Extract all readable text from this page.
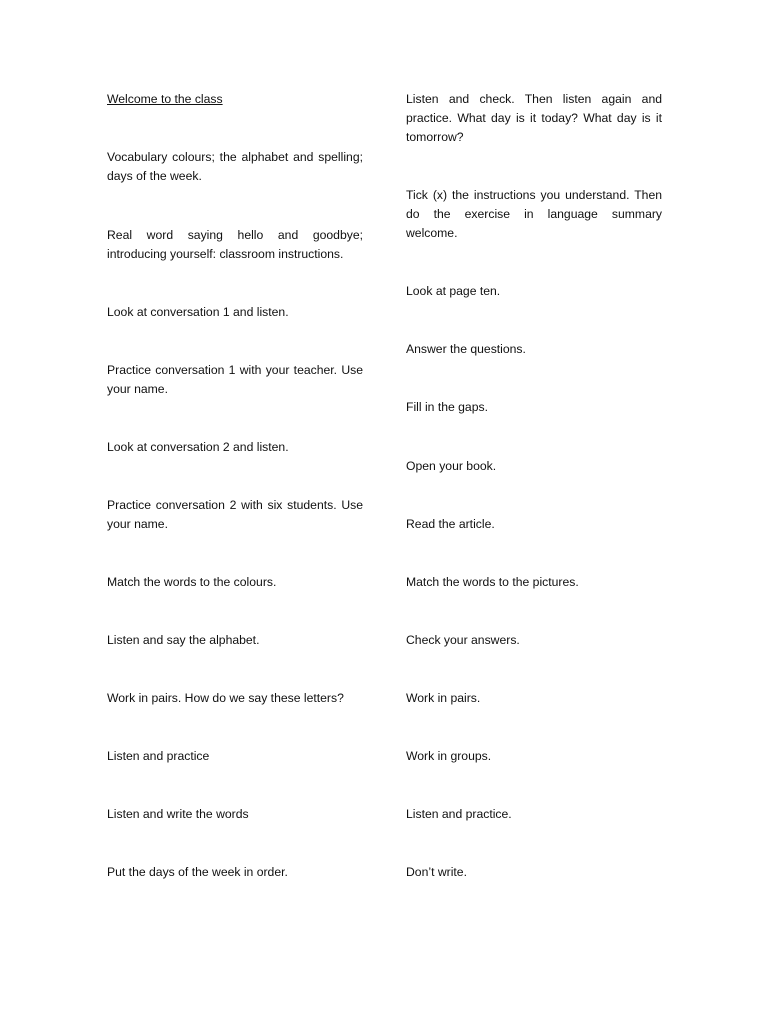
Welcome to the class

Vocabulary colours; the alphabet and spelling; days of the week.

Real word saying hello and goodbye; introducing yourself: classroom instructions.

Look at conversation 1 and listen.

Practice conversation 1 with your teacher. Use your name.

Look at conversation 2 and listen.

Practice conversation 2 with six students. Use your name.

Match the words to the colours.

Listen and say the alphabet.

Work in pairs. How do we say these letters?

Listen and practice

Listen and write the words

Put the days of the week in order.

Listen and check. Then listen again and practice. What day is it today? What day is it tomorrow?

Tick (x) the instructions you understand. Then do the exercise in language summary welcome.

Look at page ten.

Answer the questions.

Fill in the gaps.

Open your book.

Read the article.

Match the words to the pictures.

Check your answers.

Work in pairs.

Work in groups.

Listen and practice.

Don’t write.
